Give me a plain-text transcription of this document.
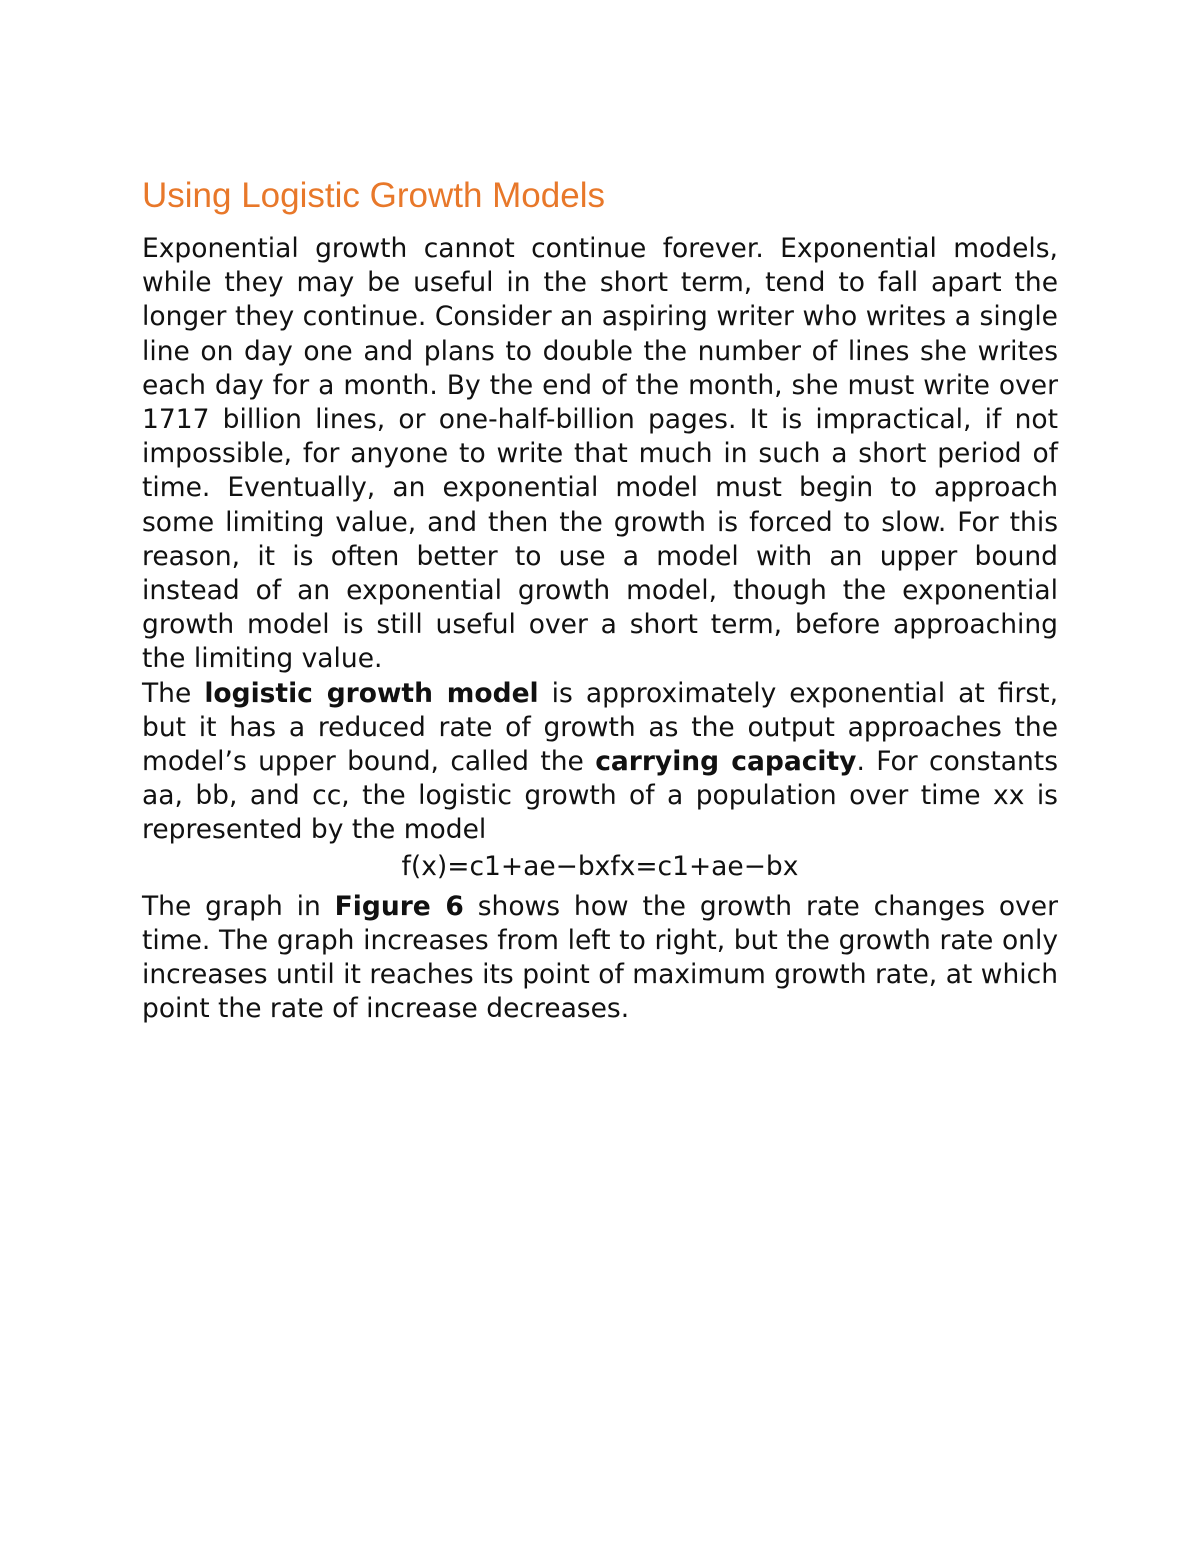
Using Logistic Growth Models

Exponential growth cannot continue forever. Exponential models, while they may be useful in the short term, tend to fall apart the longer they continue. Consider an aspiring writer who writes a single line on day one and plans to double the number of lines she writes each day for a month. By the end of the month, she must write over 1717 billion lines, or one-half-billion pages. It is impractical, if not impossible, for anyone to write that much in such a short period of time. Eventually, an exponential model must begin to approach some limiting value, and then the growth is forced to slow. For this reason, it is often better to use a model with an upper bound instead of an exponential growth model, though the exponential growth model is still useful over a short term, before approaching the limiting value.

The logistic growth model is approximately exponential at first, but it has a reduced rate of growth as the output approaches the model’s upper bound, called the carrying capacity. For constants aa, bb, and cc, the logistic growth of a population over time xx is represented by the model

f(x)=c1+ae−bxfx=c1+ae−bx

The graph in Figure 6 shows how the growth rate changes over time. The graph increases from left to right, but the growth rate only increases until it reaches its point of maximum growth rate, at which point the rate of increase decreases.
